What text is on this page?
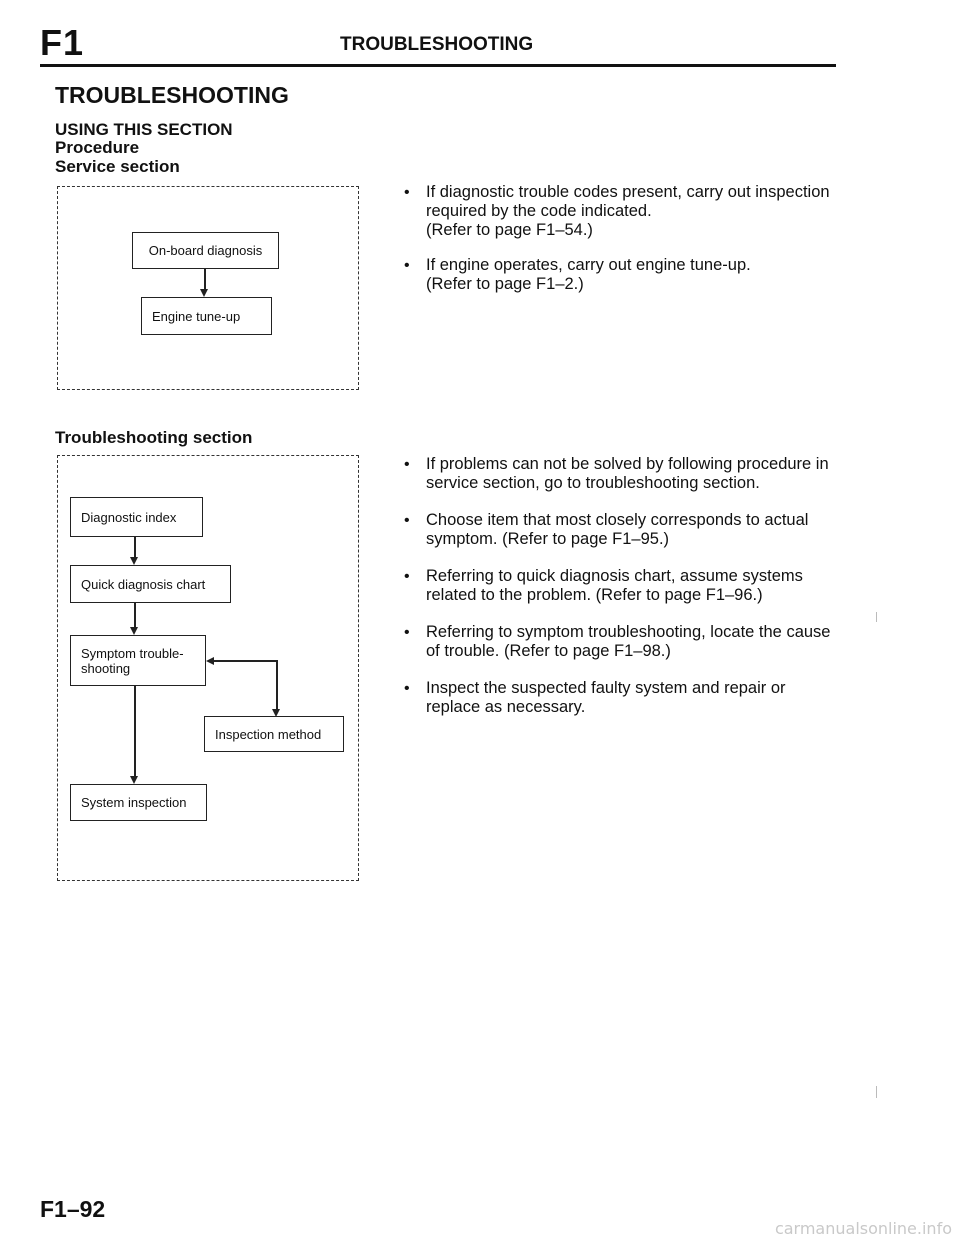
F1	TROUBLESHOOTING
TROUBLESHOOTING
USING THIS SECTION
Procedure
Service section
On-board diagnosis
Engine tune-up
• If diagnostic trouble codes present, carry out inspection required by the code indicated.
(Refer to page F1–54.)
• If engine operates, carry out engine tune-up.
(Refer to page F1–2.)
Troubleshooting section
Diagnostic index
Quick diagnosis chart
Symptom trouble-
shooting
Inspection method
System inspection
• If problems can not be solved by following procedure in service section, go to troubleshooting section.
• Choose item that most closely corresponds to actual symptom. (Refer to page F1–95.)
• Referring to quick diagnosis chart, assume systems related to the problem. (Refer to page F1–96.)
• Referring to symptom troubleshooting, locate the cause of trouble. (Refer to page F1–98.)
• Inspect the suspected faulty system and repair or replace as necessary.
F1–92
carmanualsonline.info
